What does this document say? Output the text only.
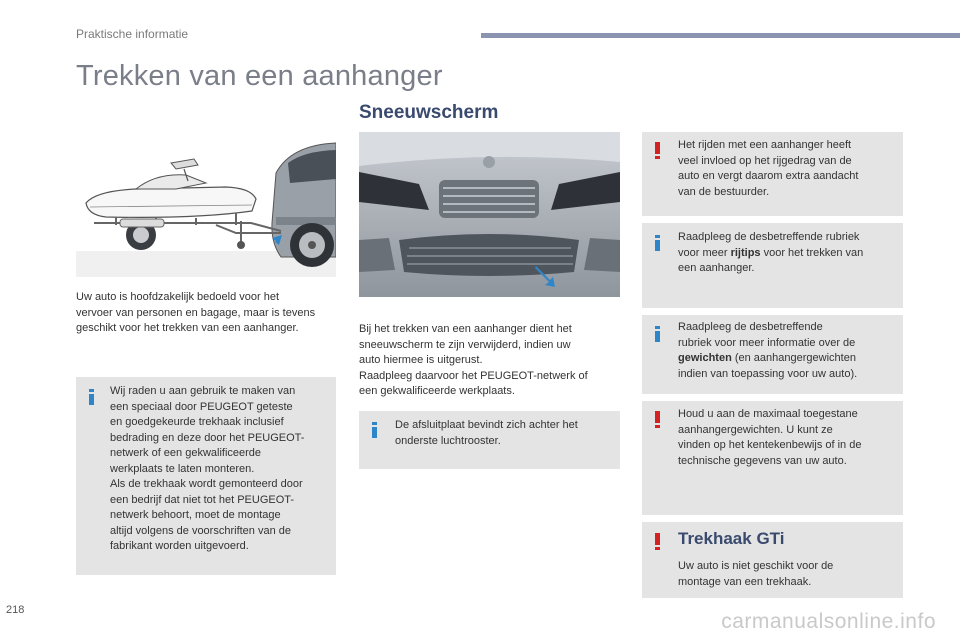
Praktische informatie
Trekken van een aanhanger
Uw auto is hoofdzakelijk bedoeld voor het vervoer van personen en bagage, maar is tevens geschikt voor het trekken van een aanhanger.
Wij raden u aan gebruik te maken van
een speciaal door PEUGEOT geteste
en goedgekeurde trekhaak inclusief
bedrading en deze door het PEUGEOT-
netwerk of een gekwalificeerde
werkplaats te laten monteren.
Als de trekhaak wordt gemonteerd door
een bedrijf dat niet tot het PEUGEOT-
netwerk behoort, moet de montage
altijd volgens de voorschriften van de
fabrikant worden uitgevoerd.
Sneeuwscherm
Bij het trekken van een aanhanger dient het
sneeuwscherm te zijn verwijderd, indien uw
auto hiermee is uitgerust.
Raadpleeg daarvoor het PEUGEOT-netwerk of
een gekwalificeerde werkplaats.
De afsluitplaat bevindt zich achter het
onderste luchtrooster.
Het rijden met een aanhanger heeft
veel invloed op het rijgedrag van de
auto en vergt daarom extra aandacht
van de bestuurder.
Raadpleeg de desbetreffende rubriek
voor meer rijtips voor het trekken van
een aanhanger.
Raadpleeg de desbetreffende
rubriek voor meer informatie over de
gewichten (en aanhangergewichten
indien van toepassing voor uw auto).
Houd u aan de maximaal toegestane
aanhangergewichten. U kunt ze
vinden op het kentekenbewijs of in de
technische gegevens van uw auto.
Trekhaak GTi
Uw auto is niet geschikt voor de
montage van een trekhaak.
218	carmanualsonline.info
